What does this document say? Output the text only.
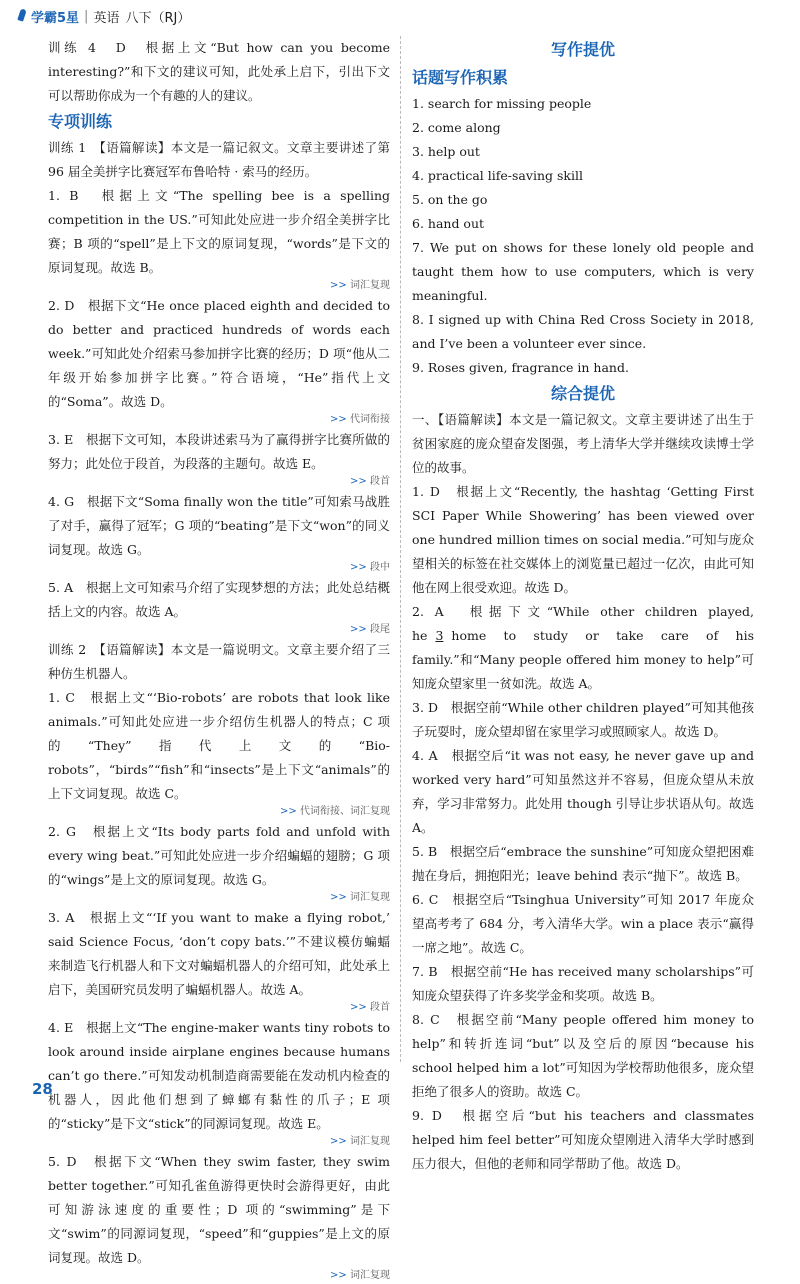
学霸5星 | 英语 八下（RJ）

训练 4　D　根据上文“But how can you become interesting?”和下文的建议可知，此处承上启下，引出下文可以帮助你成为一个有趣的人的建议。

专项训练

训练 1　【语篇解读】本文是一篇记叙文。文章主要讲述了第 96 届全美拼字比赛冠军布鲁哈特 · 索马的经历。

1. B　根据上文“The spelling bee is a spelling competition in the US.”可知此处应进一步介绍全美拼字比赛；B 项的“spell”是上下文的原词复现，“words”是下文的原词复现。故选 B。

>> 词汇复现

2. D　根据下文“He once placed eighth and decided to do better and practiced hundreds of words each week.”可知此处介绍索马参加拼字比赛的经历；D 项“他从二年级开始参加拼字比赛。”符合语境，“He”指代上文的“Soma”。故选 D。

>> 代词衔接

3. E　根据下文可知，本段讲述索马为了赢得拼字比赛所做的努力；此处位于段首，为段落的主题句。故选 E。

>> 段首

4. G　根据下文“Soma finally won the title”可知索马战胜了对手，赢得了冠军；G 项的“beating”是下文“won”的同义词复现。故选 G。

>> 段中

5. A　根据上文可知索马介绍了实现梦想的方法；此处总结概括上文的内容。故选 A。

>> 段尾

训练 2　【语篇解读】本文是一篇说明文。文章主要介绍了三种仿生机器人。

1. C　根据上文“‘Bio-robots’ are robots that look like animals.”可知此处应进一步介绍仿生机器人的特点；C 项的“They”指代上文的“Bio-robots”，“birds”“fish”和“insects”是上下文“animals”的上下文词复现。故选 C。

>> 代词衔接、词汇复现

2. G　根据上文“Its body parts fold and unfold with every wing beat.”可知此处应进一步介绍蝙蝠的翅膀；G 项的“wings”是上文的原词复现。故选 G。

>> 词汇复现

3. A　根据上文“‘If you want to make a flying robot,’ said Science Focus, ‘don’t copy bats.’”不建议模仿蝙蝠来制造飞行机器人和下文对蝙蝠机器人的介绍可知，此处承上启下，美国研究员发明了蝙蝠机器人。故选 A。

>> 段首

4. E　根据上文“The engine-maker wants tiny robots to look around inside airplane engines because humans can’t go there.”可知发动机制造商需要能在发动机内检查的机器人，因此他们想到了蟑螂有黏性的爪子；E 项的“sticky”是下文“stick”的同源词复现。故选 E。

>> 词汇复现

5. D　根据下文“When they swim faster, they swim better together.”可知孔雀鱼游得更快时会游得更好，由此可知游泳速度的重要性；D 项的“swimming”是下文“swim”的同源词复现，“speed”和“guppies”是上文的原词复现。故选 D。

>> 词汇复现

写作提优

话题写作积累

1. search for missing people

2. come along

3. help out

4. practical life-saving skill

5. on the go

6. hand out

7. We put on shows for these lonely old people and taught them how to use computers, which is very meaningful.

8. I signed up with China Red Cross Society in 2018, and I’ve been a volunteer ever since.

9. Roses given, fragrance in hand.

综合提优

一、【语篇解读】本文是一篇记叙文。文章主要讲述了出生于贫困家庭的庞众望奋发图强，考上清华大学并继续攻读博士学位的故事。

1. D　根据上文“Recently, the hashtag ‘Getting First SCI Paper While Showering’ has been viewed over one hundred million times on social media.”可知与庞众望相关的标签在社交媒体上的浏览量已超过一亿次，由此可知他在网上很受欢迎。故选 D。

2. A　根据下文“While other children played, he 3 home to study or take care of his family.”和“Many people offered him money to help”可知庞众望家里一贫如洗。故选 A。

3. D　根据空前“While other children played”可知其他孩子玩耍时，庞众望却留在家里学习或照顾家人。故选 D。

4. A　根据空后“it was not easy, he never gave up and worked very hard”可知虽然这并不容易，但庞众望从未放弃，学习非常努力。此处用 though 引导让步状语从句。故选 A。

5. B　根据空后“embrace the sunshine”可知庞众望把困难抛在身后，拥抱阳光；leave behind 表示“抛下”。故选 B。

6. C　根据空后“Tsinghua University”可知 2017 年庞众望高考考了 684 分，考入清华大学。win a place 表示“赢得一席之地”。故选 C。

7. B　根据空前“He has received many scholarships”可知庞众望获得了许多奖学金和奖项。故选 B。

8. C　根据空前“Many people offered him money to help”和转折连词“but”以及空后的原因“because his school helped him a lot”可知因为学校帮助他很多，庞众望拒绝了很多人的资助。故选 C。

9. D　根据空后“but his teachers and classmates helped him feel better”可知庞众望刚进入清华大学时感到压力很大，但他的老师和同学帮助了他。故选 D。

28
